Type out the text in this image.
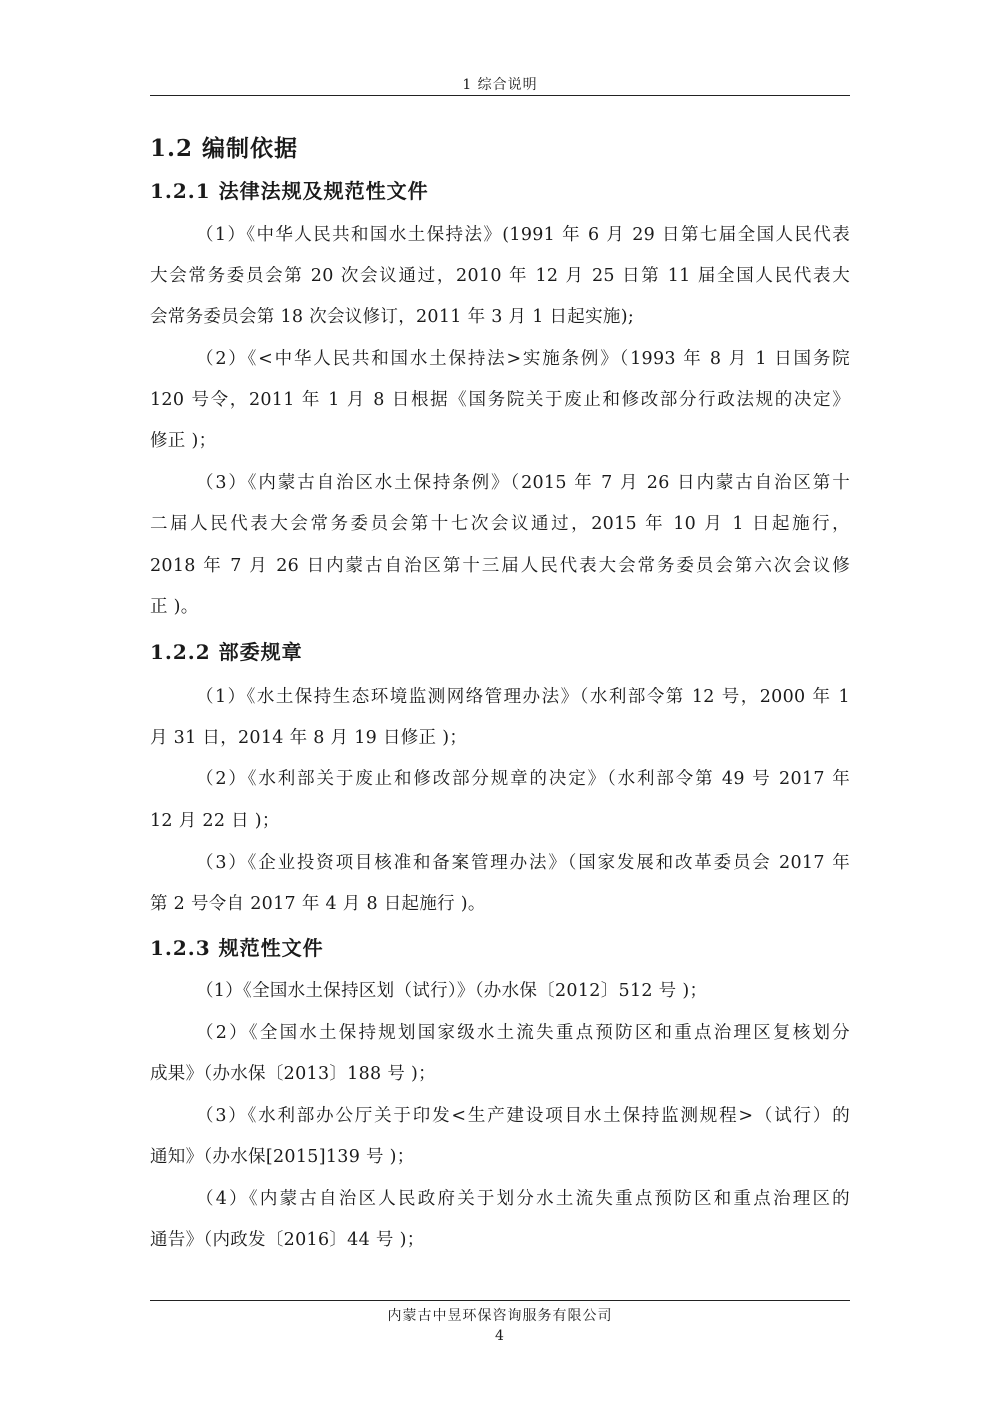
1 综合说明
1.2 编制依据
1.2.1 法律法规及规范性文件
（1）《中华人民共和国水土保持法》(1991 年 6 月 29 日第七届全国人民代表
大会常务委员会第 20 次会议通过，2010 年 12 月 25 日第 11 届全国人民代表大
会常务委员会第 18 次会议修订，2011 年 3 月 1 日起实施);
（2）《<中华人民共和国水土保持法>实施条例》（1993 年 8 月 1 日国务院
120 号令，2011 年 1 月 8 日根据《国务院关于废止和修改部分行政法规的决定》
修正 )；
（3）《内蒙古自治区水土保持条例》（2015 年 7 月 26 日内蒙古自治区第十
二届人民代表大会常务委员会第十七次会议通过，2015 年 10 月 1 日起施行，
2018 年 7 月 26 日内蒙古自治区第十三届人民代表大会常务委员会第六次会议修
正 )。
1.2.2 部委规章
（1）《水土保持生态环境监测网络管理办法》（水利部令第 12 号，2000 年 1
月 31 日，2014 年 8 月 19 日修正 )；
（2）《水利部关于废止和修改部分规章的决定》（水利部令第 49 号 2017 年
12 月 22 日 )；
（3）《企业投资项目核准和备案管理办法》（国家发展和改革委员会 2017 年
第 2 号令自 2017 年 4 月 8 日起施行 )。
1.2.3 规范性文件
（1）《全国水土保持区划（试行）》（办水保〔2012〕512 号 )；
（2）《全国水土保持规划国家级水土流失重点预防区和重点治理区复核划分
成果》（办水保〔2013〕188 号 )；
（3）《水利部办公厅关于印发<生产建设项目水土保持监测规程>（试行）的
通知》（办水保[2015]139 号 )；
（4）《内蒙古自治区人民政府关于划分水土流失重点预防区和重点治理区的
通告》（内政发〔2016〕44 号 )；
内蒙古中昱环保咨询服务有限公司
4
